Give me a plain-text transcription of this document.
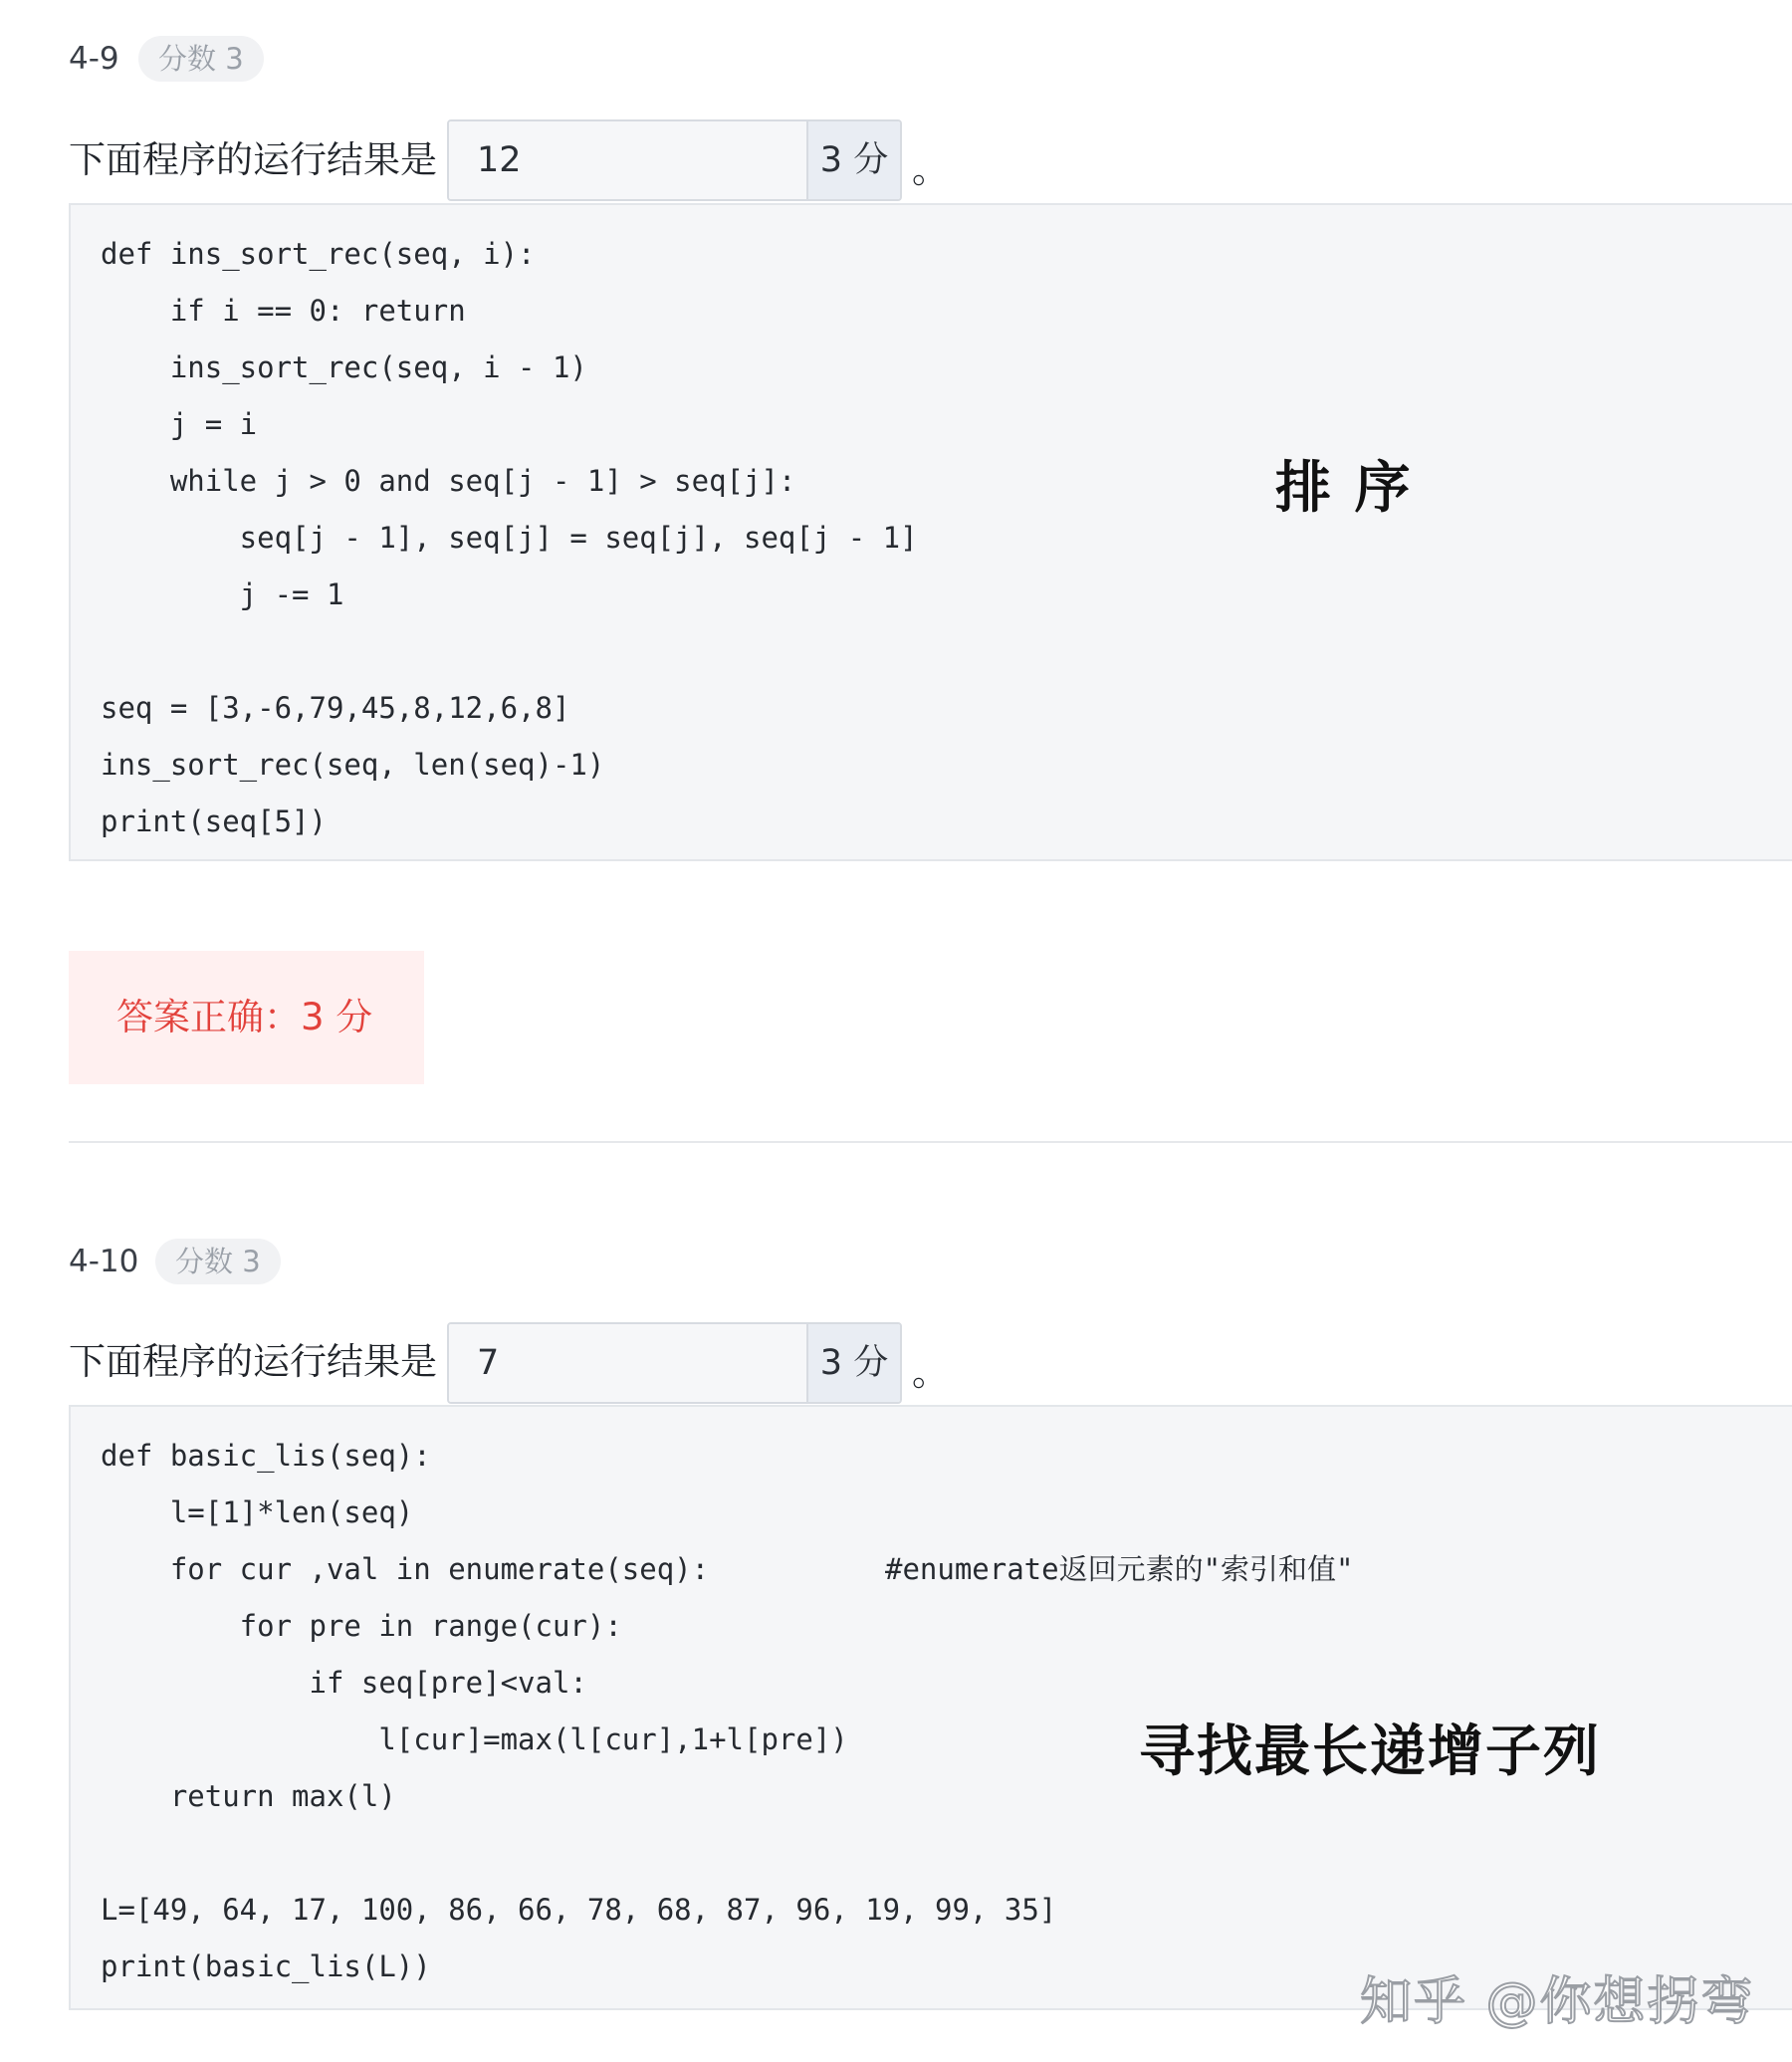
4-9	分数 3
下面程序的运行结果是	12	3 分 。
def ins_sort_rec(seq, i):
if i == 0: return
ins_sort_rec(seq, i - 1)
j = i
while j > 0 and seq[j - 1] > seq[j]:
seq[j - 1], seq[j] = seq[j], seq[j - 1]
j -= 1
seq = [3,-6,79,45,8,12,6,8]
ins_sort_rec(seq, len(seq)-1)
print(seq[5])
排 序
答案正确：3 分
4-10	分数 3
下面程序的运行结果是	7	3 分 。
def basic_lis(seq):
l=[1]*len(seq)
for cur ,val in enumerate(seq):
for pre in range(cur):
if seq[pre]<val:
l[cur]=max(l[cur],1+l[pre])
return max(l)
L=[49, 64, 17, 100, 86, 66, 78, 68, 87, 96, 19, 99, 35]
print(basic_lis(L))
#enumerate返回元素的"索引和值"
寻找最长递增子列
知乎 @你想拐弯
